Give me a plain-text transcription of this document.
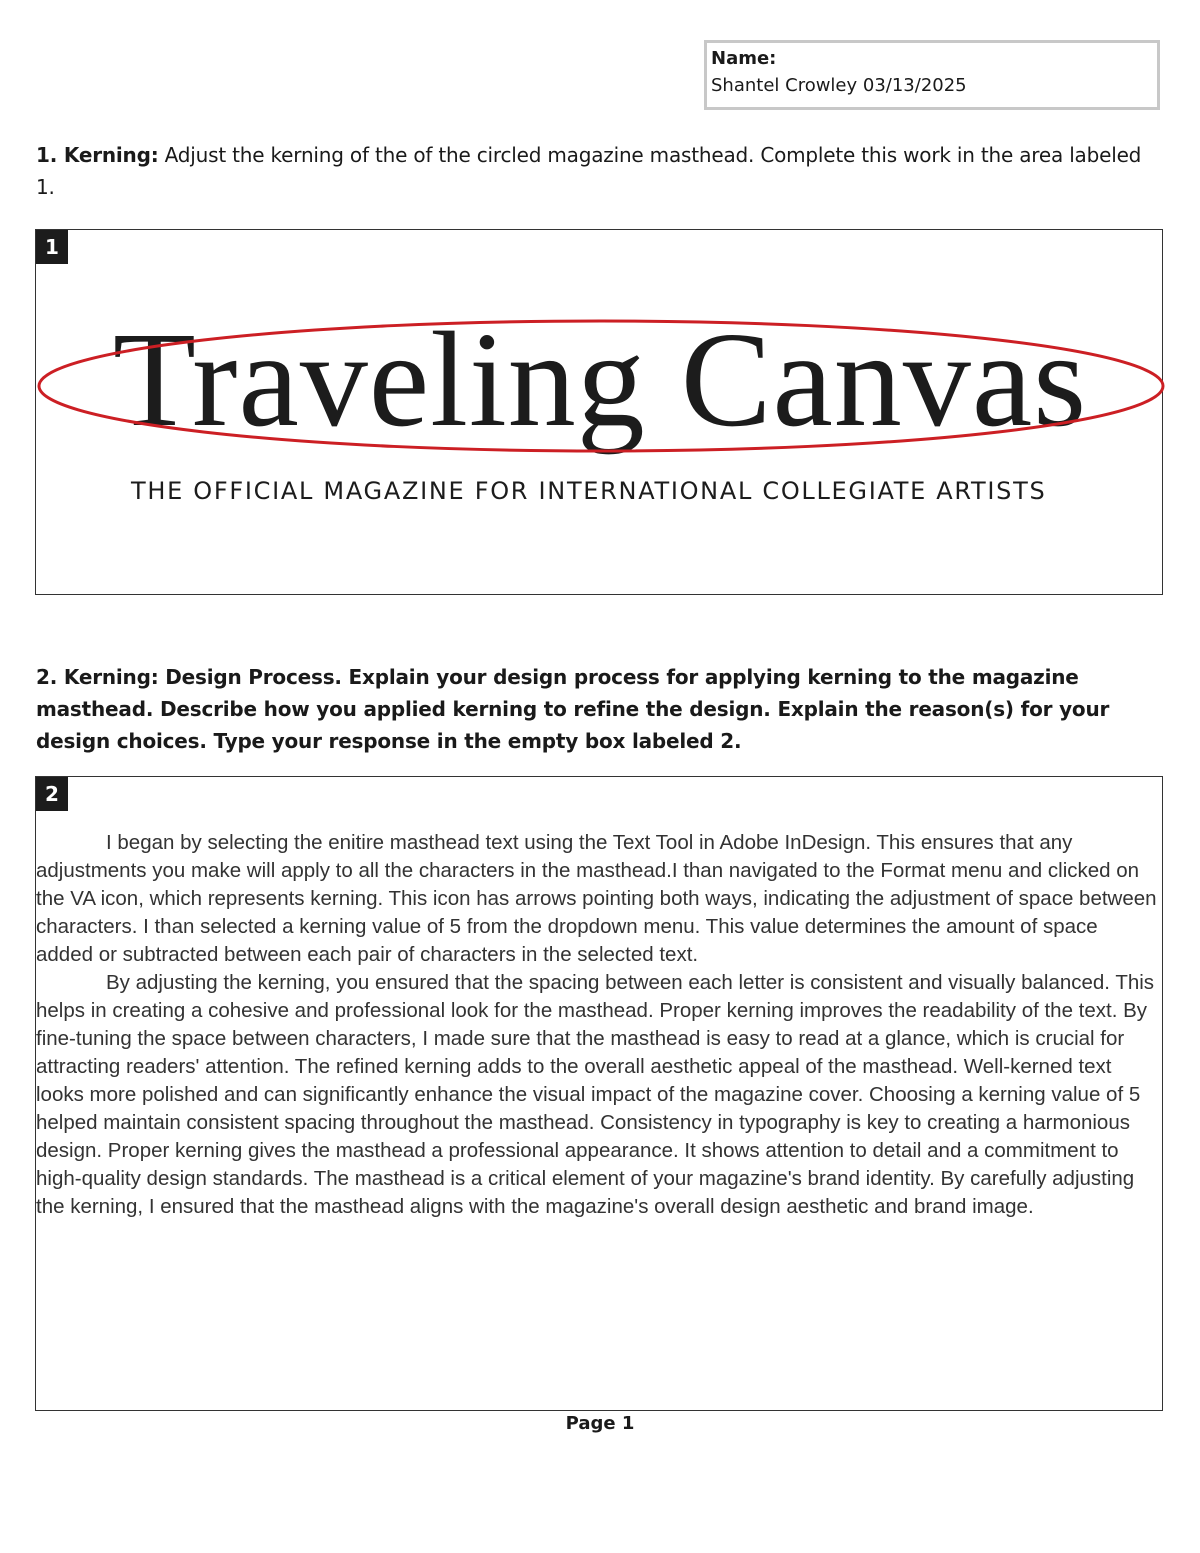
Name:
Shantel Crowley 03/13/2025
1. Kerning: Adjust the kerning of the of the circled magazine masthead. Complete this work in the area labeled 1.
1
Traveling Canvas
THE OFFICIAL MAGAZINE FOR INTERNATIONAL COLLEGIATE ARTISTS
2. Kerning: Design Process. Explain your design process for applying kerning to the magazine masthead. Describe how you applied kerning to refine the design. Explain the reason(s) for your design choices. Type your response in the empty box labeled 2.
2

I began by selecting the enitire masthead text using the Text Tool in Adobe InDesign. This ensures that any adjustments you make will apply to all the characters in the masthead.I than navigated to the Format menu and clicked on the VA icon, which represents kerning. This icon has arrows pointing both ways, indicating the adjustment of space between characters. I than selected a kerning value of 5 from the dropdown menu. This value determines the amount of space added or subtracted between each pair of characters in the selected text.

By adjusting the kerning, you ensured that the spacing between each letter is consistent and visually balanced. This helps in creating a cohesive and professional look for the masthead. Proper kerning improves the readability of the text. By fine-tuning the space between characters, I made sure that the masthead is easy to read at a glance, which is crucial for attracting readers' attention. The refined kerning adds to the overall aesthetic appeal of the masthead. Well-kerned text looks more polished and can significantly enhance the visual impact of the magazine cover. Choosing a kerning value of 5 helped maintain consistent spacing throughout the masthead. Consistency in typography is key to creating a harmonious design. Proper kerning gives the masthead a professional appearance. It shows attention to detail and a commitment to high-quality design standards. The masthead is a critical element of your magazine's brand identity. By carefully adjusting the kerning, I ensured that the masthead aligns with the magazine's overall design aesthetic and brand image.

Page 1
